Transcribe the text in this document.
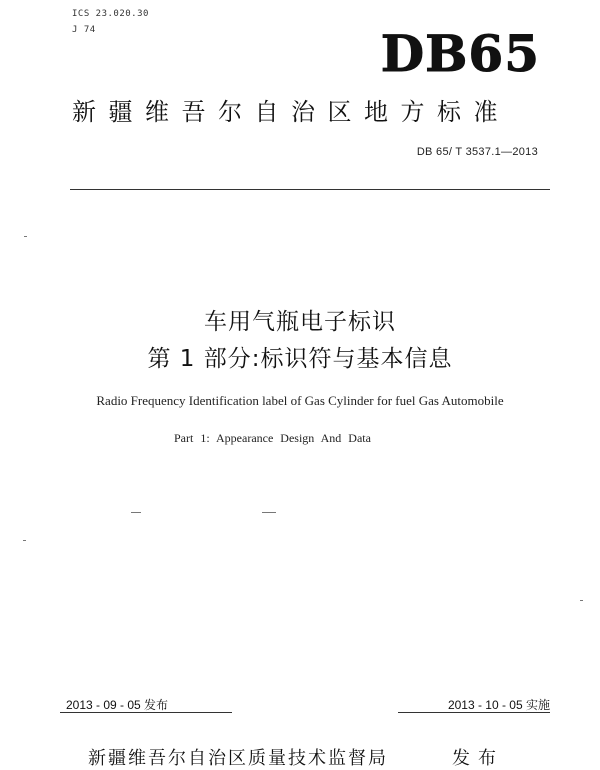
ICS 23.020.30
J 74	DB65
新疆维吾尔自治区地方标准
DB 65/ T 3537.1—2013
车用气瓶电子标识
第 1 部分:标识符与基本信息
Radio Frequency Identification label of Gas Cylinder for fuel Gas Automobile
Part 1: Appearance Design And Data
2013 - 09 - 05 发布	2013 - 10 - 05 实施
新疆维吾尔自治区质量技术监督局	发布
